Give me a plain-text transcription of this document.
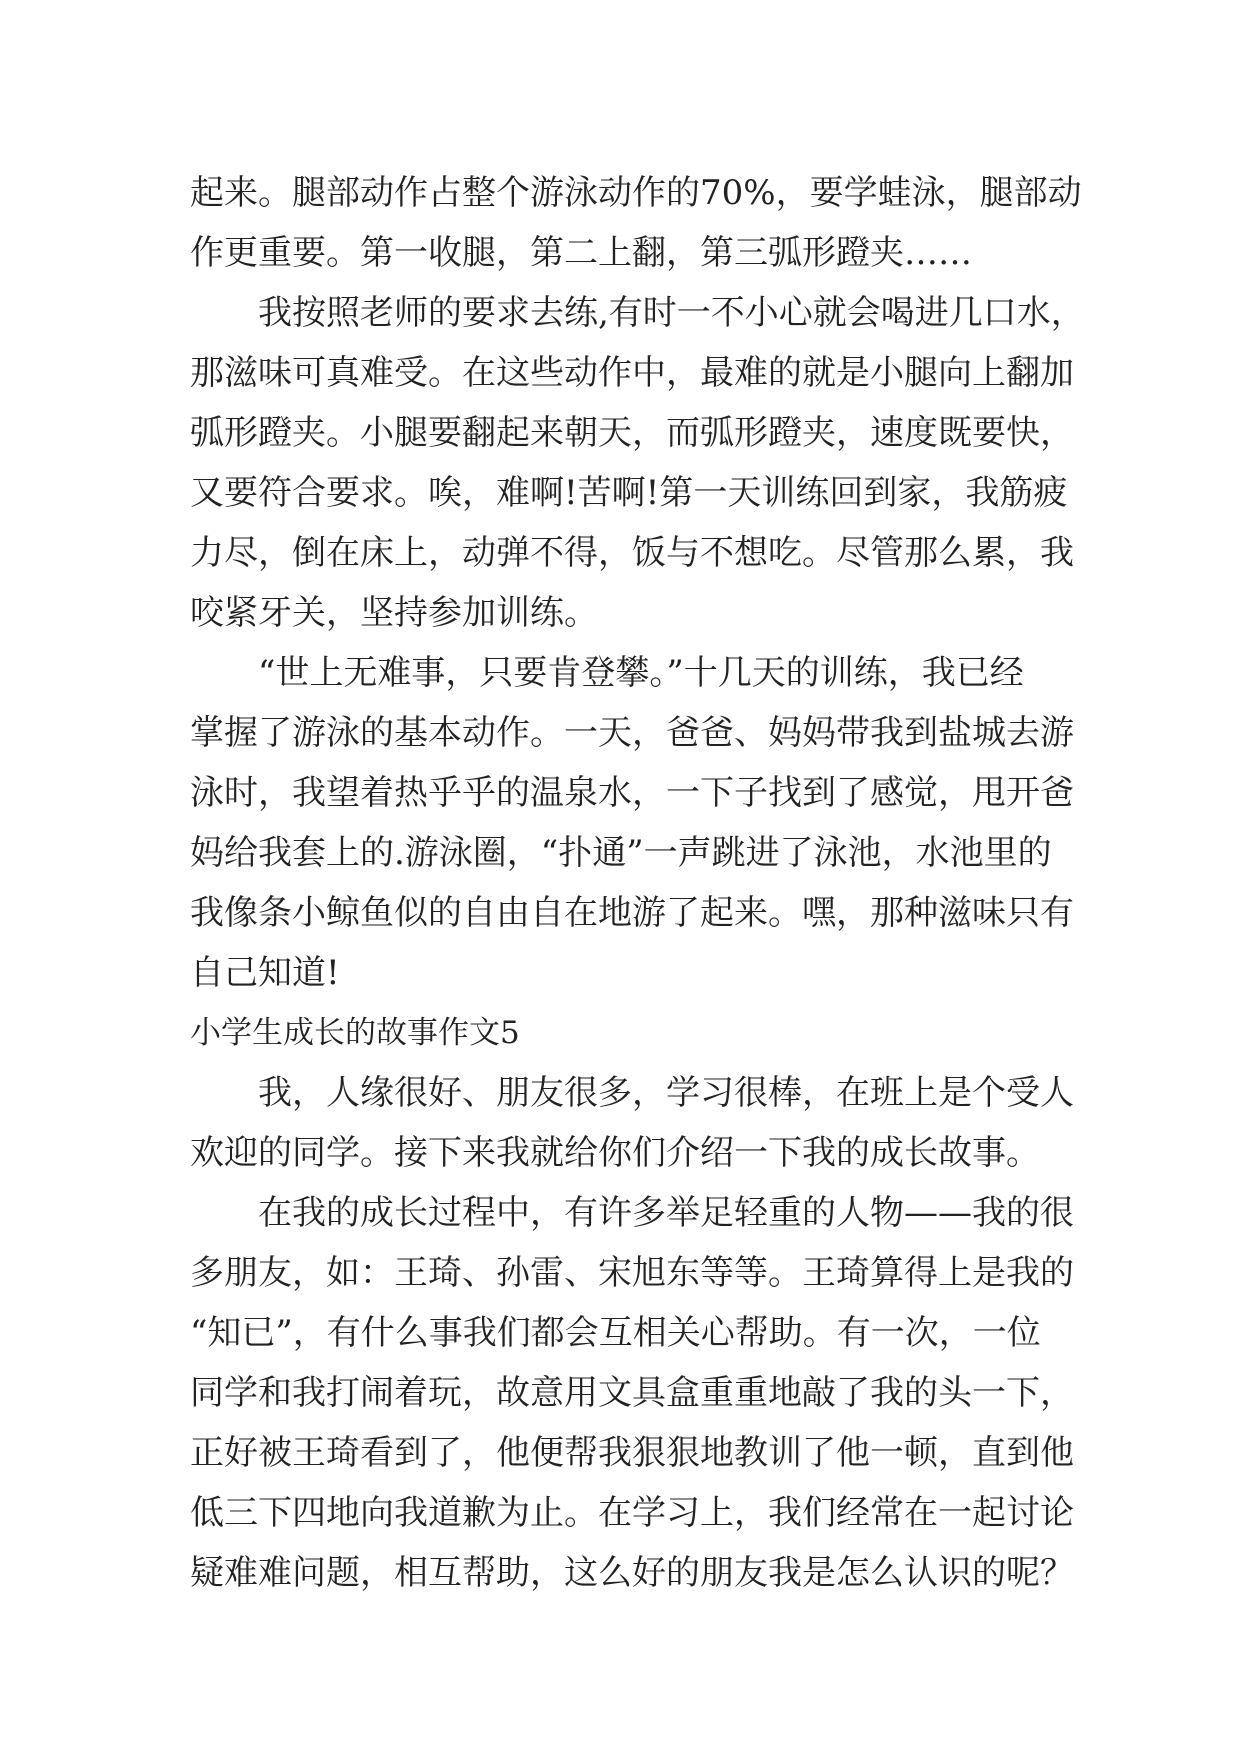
起来。腿部动作占整个游泳动作的70%，要学蛙泳，腿部动
作更重要。第一收腿，第二上翻，第三弧形蹬夹……
我按照老师的要求去练,有时一不小心就会喝进几口水，
那滋味可真难受。在这些动作中，最难的就是小腿向上翻加
弧形蹬夹。小腿要翻起来朝天，而弧形蹬夹，速度既要快，
又要符合要求。唉，难啊!苦啊!第一天训练回到家，我筋疲
力尽，倒在床上，动弹不得，饭与不想吃。尽管那么累，我
咬紧牙关，坚持参加训练。
“世上无难事，只要肯登攀。”十几天的训练，我已经
掌握了游泳的基本动作。一天，爸爸、妈妈带我到盐城去游
泳时，我望着热乎乎的温泉水，一下子找到了感觉，甩开爸
妈给我套上的.游泳圈，“扑通”一声跳进了泳池，水池里的
我像条小鲸鱼似的自由自在地游了起来。嘿，那种滋味只有
自己知道!
小学生成长的故事作文5
我，人缘很好、朋友很多，学习很棒，在班上是个受人
欢迎的同学。接下来我就给你们介绍一下我的成长故事。
在我的成长过程中，有许多举足轻重的人物——我的很
多朋友，如：王琦、孙雷、宋旭东等等。王琦算得上是我的
“知已”，有什么事我们都会互相关心帮助。有一次，一位
同学和我打闹着玩，故意用文具盒重重地敲了我的头一下，
正好被王琦看到了，他便帮我狠狠地教训了他一顿，直到他
低三下四地向我道歉为止。在学习上，我们经常在一起讨论
疑难难问题，相互帮助，这么好的朋友我是怎么认识的呢？
